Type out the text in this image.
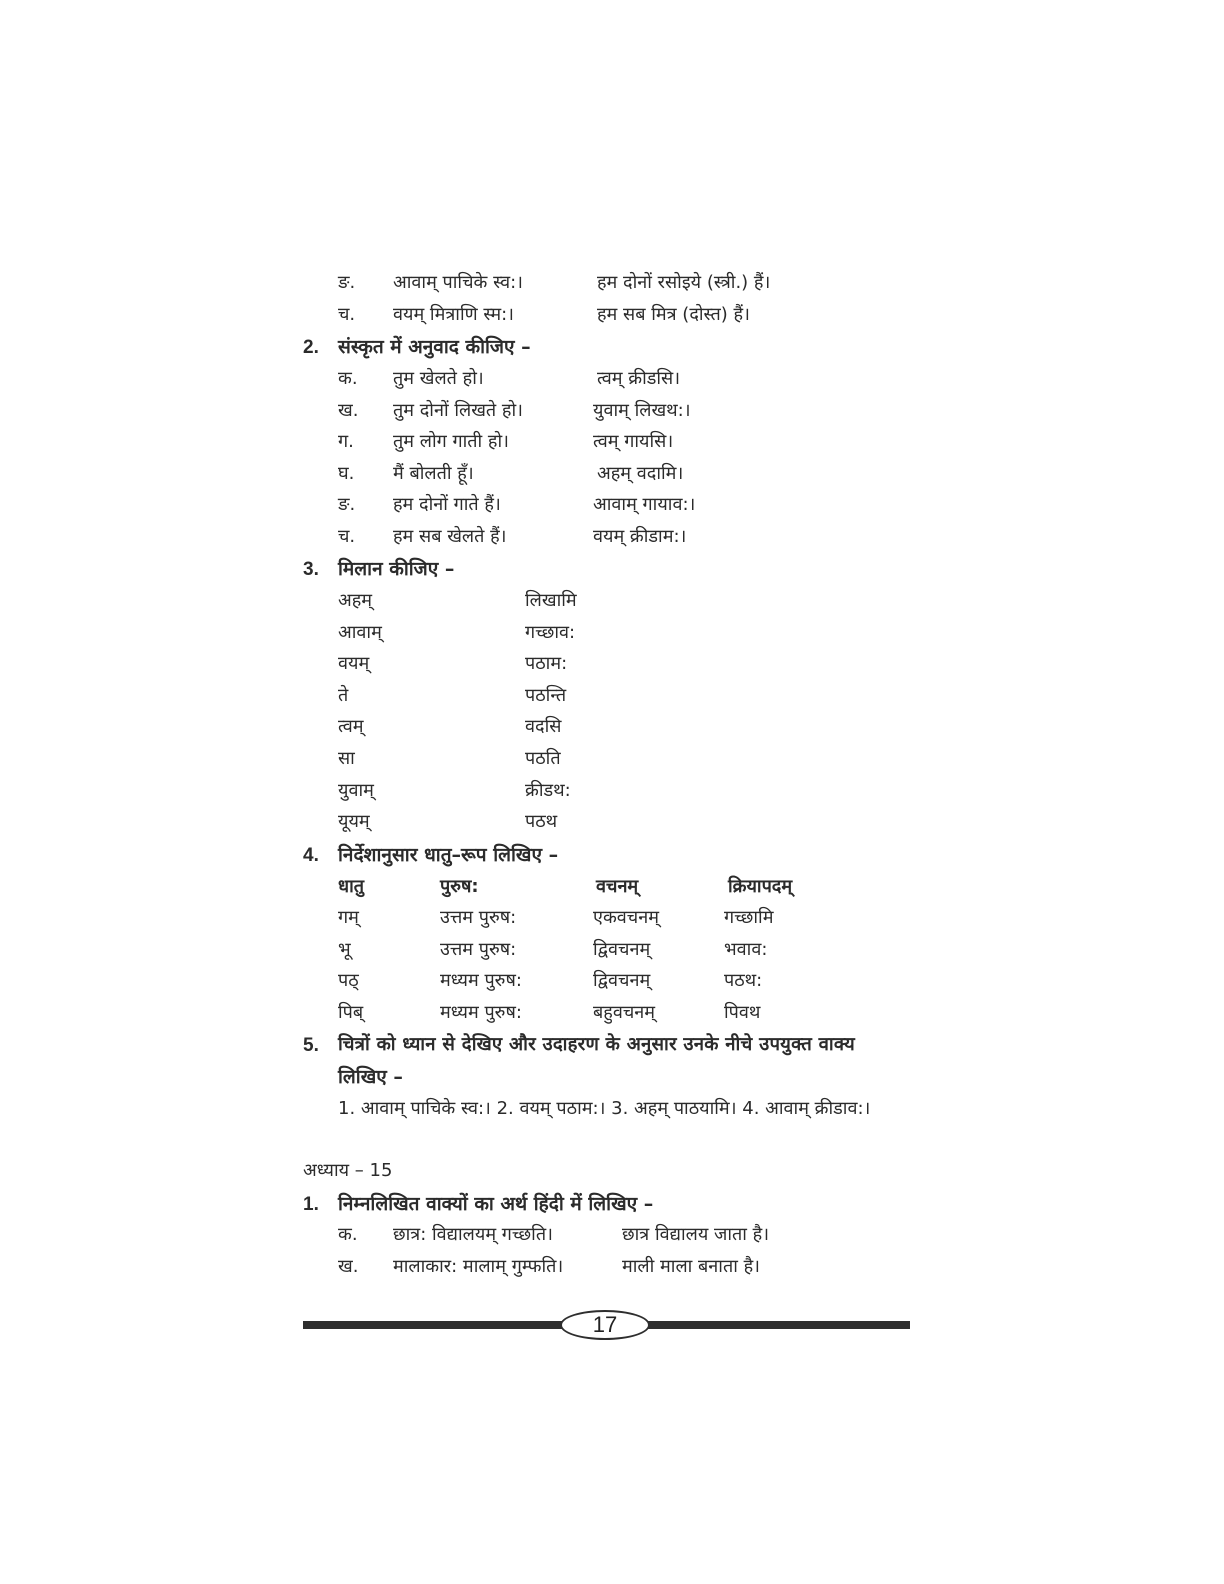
ङ. आवाम् पाचिके स्व:।	हम दोनों रसोइये (स्त्री.) हैं।
च. वयम् मित्राणि स्म:।	हम सब मित्र (दोस्त) हैं।
2. संस्कृत में अनुवाद कीजिए –
क. तुम खेलते हो।	त्वम् क्रीडसि।
ख. तुम दोनों लिखते हो।	युवाम् लिखथ:।
ग. तुम लोग गाती हो।	त्वम् गायसि।
घ. मैं बोलती हूँ।	अहम् वदामि।
ङ. हम दोनों गाते हैं।	आवाम् गायाव:।
च. हम सब खेलते हैं।	वयम् क्रीडाम:।
3. मिलान कीजिए –
अहम्	लिखामि
आवाम्	गच्छाव:
वयम्	पठाम:
ते	पठन्ति
त्वम्	वदसि
सा	पठति
युवाम्	क्रीडथ:
यूयम्	पठथ
4. निर्देशानुसार धातु–रूप लिखिए –
धातु	पुरुष:	वचनम्	क्रियापदम्
गम्	उत्तम पुरुष:	एकवचनम्	गच्छामि
भू	उत्तम पुरुष:	द्विवचनम्	भवाव:
पठ्	मध्यम पुरुष:	द्विवचनम्	पठथ:
पिब्	मध्यम पुरुष:	बहुवचनम्	पिवथ
5. चित्रों को ध्यान से देखिए और उदाहरण के अनुसार उनके नीचे उपयुक्त वाक्य
लिखिए –
1. आवाम् पाचिके स्व:। 2. वयम् पठाम:। 3. अहम् पाठयामि। 4. आवाम् क्रीडाव:।
अध्याय – 15
1. निम्नलिखित वाक्यों का अर्थ हिंदी में लिखिए –
क. छात्र: विद्यालयम् गच्छति।	छात्र विद्यालय जाता है।
ख. मालाकार: मालाम् गुम्फति।	माली माला बनाता है।
17
